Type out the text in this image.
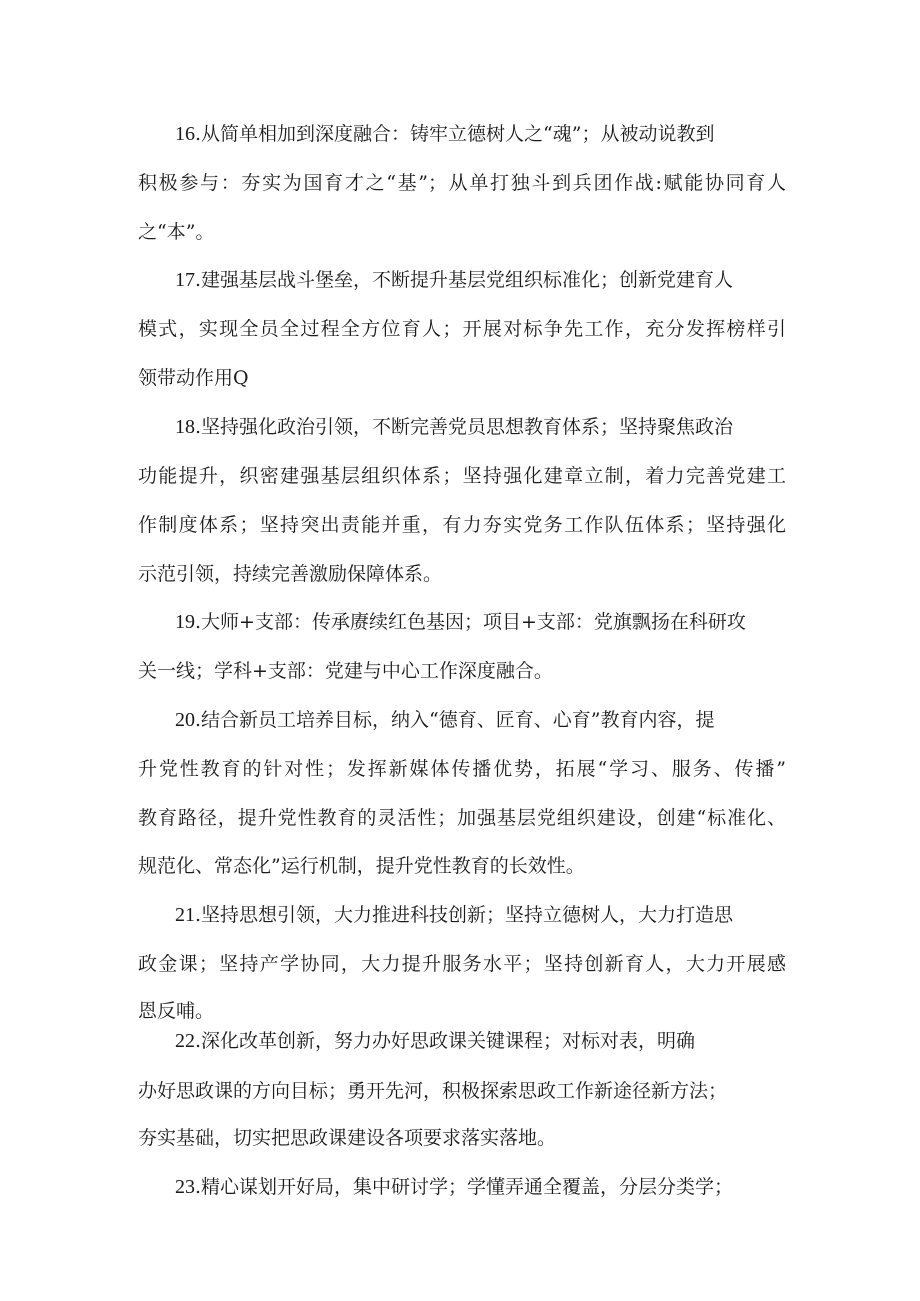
16.从简单相加到深度融合：铸牢立德树人之“魂”；从被动说教到

积极参与：夯实为国育才之“基”；从单打独斗到兵团作战:赋能协同育人

之“本”。

17.建强基层战斗堡垒，不断提升基层党组织标准化；创新党建育人

模式，实现全员全过程全方位育人；开展对标争先工作，充分发挥榜样引

领带动作用Q

18.坚持强化政治引领，不断完善党员思想教育体系；坚持聚焦政治

功能提升，织密建强基层组织体系；坚持强化建章立制，着力完善党建工

作制度体系；坚持突出责能并重，有力夯实党务工作队伍体系；坚持强化

示范引领，持续完善激励保障体系。

19.大师+支部：传承赓续红色基因；项目+支部：党旗飘扬在科研攻

关一线；学科+支部：党建与中心工作深度融合。

20.结合新员工培养目标，纳入“德育、匠育、心育”教育内容，提

升党性教育的针对性；发挥新媒体传播优势，拓展“学习、服务、传播”

教育路径，提升党性教育的灵活性；加强基层党组织建设，创建“标准化、

规范化、常态化”运行机制，提升党性教育的长效性。

21.坚持思想引领，大力推进科技创新；坚持立德树人，大力打造思

政金课；坚持产学协同，大力提升服务水平；坚持创新育人，大力开展感

恩反哺。

22.深化改革创新，努力办好思政课关键课程；对标对表，明确

办好思政课的方向目标；勇开先河，积极探索思政工作新途径新方法；

夯实基础，切实把思政课建设各项要求落实落地。

23.精心谋划开好局，集中研讨学；学懂弄通全覆盖，分层分类学；
